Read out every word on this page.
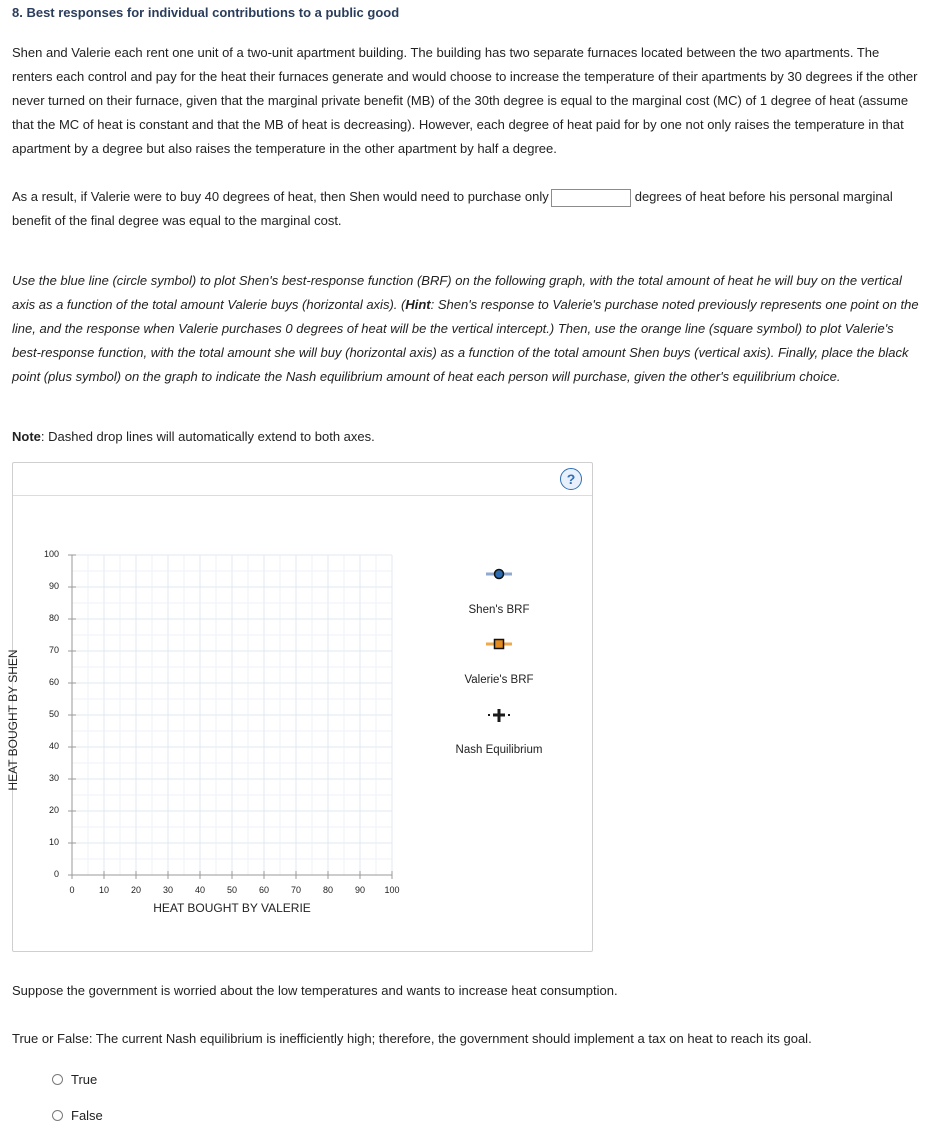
8. Best responses for individual contributions to a public good

Shen and Valerie each rent one unit of a two-unit apartment building. The building has two separate furnaces located between the two apartments. The renters each control and pay for the heat their furnaces generate and would choose to increase the temperature of their apartments by 30 degrees if the other never turned on their furnace, given that the marginal private benefit (MB) of the 30th degree is equal to the marginal cost (MC) of 1 degree of heat (assume that the MC of heat is constant and that the MB of heat is decreasing). However, each degree of heat paid for by one not only raises the temperature in that apartment by a degree but also raises the temperature in the other apartment by half a degree.

As a result, if Valerie were to buy 40 degrees of heat, then Shen would need to purchase only	degrees of heat before his personal marginal benefit of the final degree was equal to the marginal cost.

Use the blue line (circle symbol) to plot Shen's best-response function (BRF) on the following graph, with the total amount of heat he will buy on the vertical axis as a function of the total amount Valerie buys (horizontal axis). (Hint: Shen's response to Valerie's purchase noted previously represents one point on the line, and the response when Valerie purchases 0 degrees of heat will be the vertical intercept.) Then, use the orange line (square symbol) to plot Valerie's best-response function, with the total amount she will buy (horizontal axis) as a function of the total amount Shen buys (vertical axis). Finally, place the black point (plus symbol) on the graph to indicate the Nash equilibrium amount of heat each person will purchase, given the other's equilibrium choice.

Note: Dashed drop lines will automatically extend to both axes.
?
0
0
10
10
20
20
30
30
40
40
50
50
60
60
70
70
80
80
90
90
100
100
HEAT BOUGHT BY SHEN
HEAT BOUGHT BY VALERIE
Shen's BRF
Valerie's BRF
Nash Equilibrium
Suppose the government is worried about the low temperatures and wants to increase heat consumption.
True or False: The current Nash equilibrium is inefficiently high; therefore, the government should implement a tax on heat to reach its goal.
True
False
